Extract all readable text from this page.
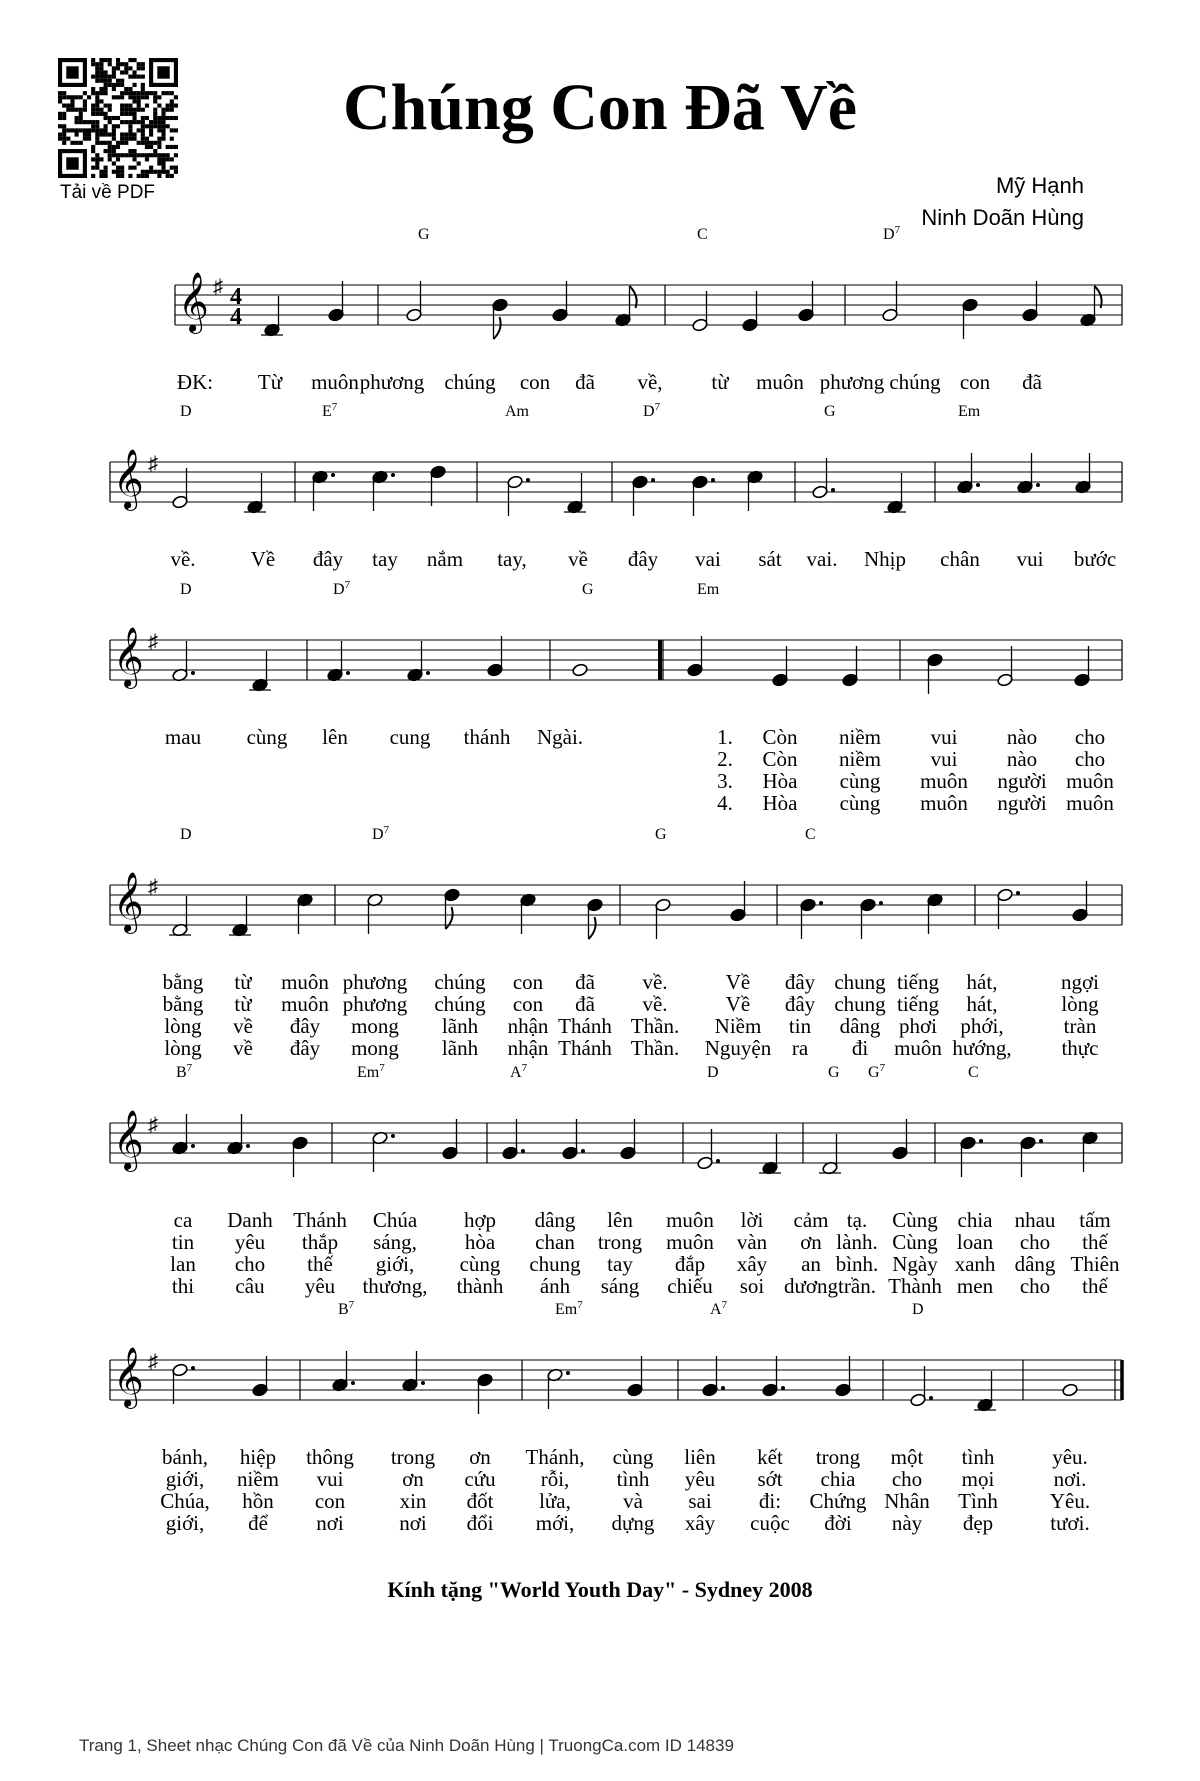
Tải về PDF
Chúng Con Đã Về
Mỹ Hạnh
Ninh Doãn Hùng
𝄞 ♯ 4
4
G	C	$D^7$
ĐK: Từ muôn phương chúng con đã về, từ muôn phương chúng con đã
𝄞 ♯
D	$E^7$	Am	$D^7$	G	Em
về.	Về đây tay nắm tay, về đây vai sát vai. Nhịp chân vui bước
𝄞 ♯
D	$D^7$	G	Em
mau cùng lên cung thánh Ngài.	1. Còn niềm vui nào cho
2. Còn niềm vui nào cho
3. Hòa cùng muôn người muôn
4. Hòa cùng muôn người muôn
𝄞 ♯
D	$D^7$	G	C
bằng từ muôn phương chúng con đã về.	Về đây chung tiếng hát,	ngợi
bằng từ muôn phương chúng con đã về.	Về đây chung tiếng hát,	lòng
lòng về đây mong lãnh nhận Thánh Thần. Niềm tin dâng phơi phới,	tràn
lòng về đây mong lãnh nhận Thánh Thần. Nguyện ra đi muôn hướng, thực
𝄞 ♯
$B^7$	Em$^7$	$A^7$	D	G $G^7$	C
ca Danh Thánh Chúa hợp dâng lên muôn lời cảm tạ. Cùng chia nhau tấm
tin yêu thắp sáng, hòa chan trong muôn vàn ơn lành. Cùng loan cho thế
lan cho thế giới, cùng chung tay đắp xây an bình. Ngày xanh dâng Thiên
thi câu yêu thương, thành ánh sáng chiếu soi dương trần. Thành men cho thế
𝄞 ♯
$B^7$	Em$^7$	$A^7$	D
bánh, hiệp thông trong ơn Thánh, cùng liên kết trong một tình	yêu.
giới, niềm vui	ơn cứu rỗi, tình yêu sớt chia cho mọi	nơi.
Chúa, hồn con	xin đốt lửa, và sai đi: Chứng Nhân Tình Yêu.
giới, để nơi	nơi đổi mới, dựng xây cuộc đời này đẹp	tươi.
Kính tặng "World Youth Day" - Sydney 2008
Trang 1, Sheet nhạc Chúng Con đã Về của Ninh Doãn Hùng | TruongCa.com ID 14839
